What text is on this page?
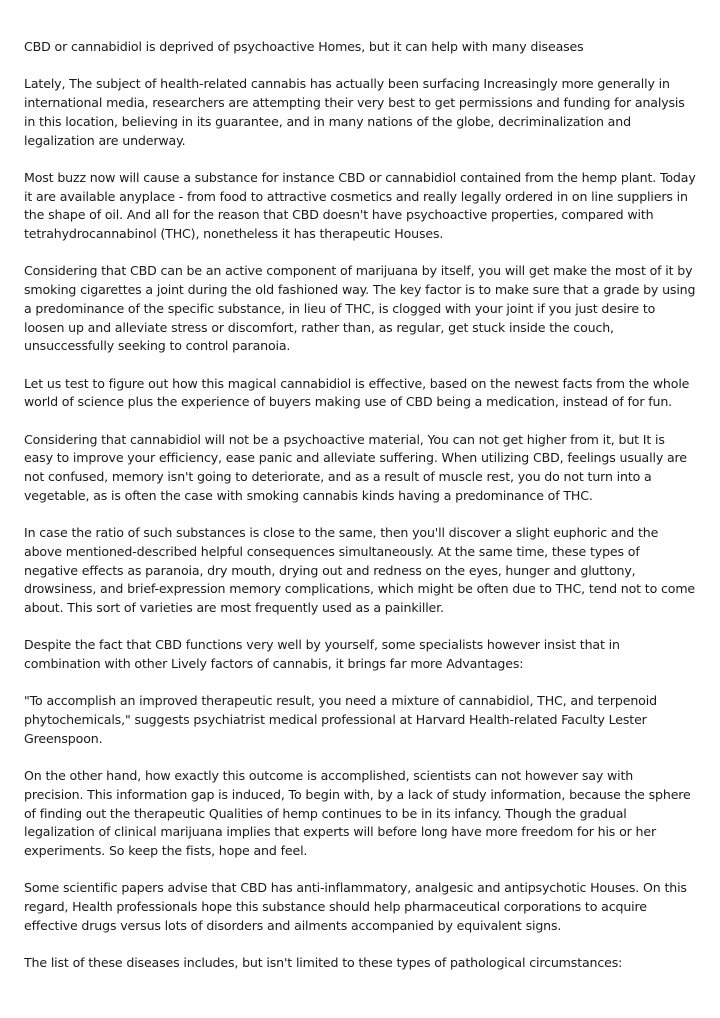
CBD or cannabidiol is deprived of psychoactive Homes, but it can help with many diseases

Lately, The subject of health-related cannabis has actually been surfacing Increasingly more generally in international media, researchers are attempting their very best to get permissions and funding for analysis in this location, believing in its guarantee, and in many nations of the globe, decriminalization and legalization are underway.

Most buzz now will cause a substance for instance CBD or cannabidiol contained from the hemp plant. Today it are available anyplace - from food to attractive cosmetics and really legally ordered in on line suppliers in the shape of oil. And all for the reason that CBD doesn't have psychoactive properties, compared with tetrahydrocannabinol (THC), nonetheless it has therapeutic Houses.

Considering that CBD can be an active component of marijuana by itself, you will get make the most of it by smoking cigarettes a joint during the old fashioned way. The key factor is to make sure that a grade by using a predominance of the specific substance, in lieu of THC, is clogged with your joint if you just desire to loosen up and alleviate stress or discomfort, rather than, as regular, get stuck inside the couch, unsuccessfully seeking to control paranoia.

Let us test to figure out how this magical cannabidiol is effective, based on the newest facts from the whole world of science plus the experience of buyers making use of CBD being a medication, instead of for fun.

Considering that cannabidiol will not be a psychoactive material, You can not get higher from it, but It is easy to improve your efficiency, ease panic and alleviate suffering. When utilizing CBD, feelings usually are not confused, memory isn't going to deteriorate, and as a result of muscle rest, you do not turn into a vegetable, as is often the case with smoking cannabis kinds having a predominance of THC.

In case the ratio of such substances is close to the same, then you'll discover a slight euphoric and the above mentioned-described helpful consequences simultaneously. At the same time, these types of negative effects as paranoia, dry mouth, drying out and redness on the eyes, hunger and gluttony, drowsiness, and brief-expression memory complications, which might be often due to THC, tend not to come about. This sort of varieties are most frequently used as a painkiller.

Despite the fact that CBD functions very well by yourself, some specialists however insist that in combination with other Lively factors of cannabis, it brings far more Advantages:

"To accomplish an improved therapeutic result, you need a mixture of cannabidiol, THC, and terpenoid phytochemicals," suggests psychiatrist medical professional at Harvard Health-related Faculty Lester Greenspoon.

On the other hand, how exactly this outcome is accomplished, scientists can not however say with precision. This information gap is induced, To begin with, by a lack of study information, because the sphere of finding out the therapeutic Qualities of hemp continues to be in its infancy. Though the gradual legalization of clinical marijuana implies that experts will before long have more freedom for his or her experiments. So keep the fists, hope and feel.

Some scientific papers advise that CBD has anti-inflammatory, analgesic and antipsychotic Houses. On this regard, Health professionals hope this substance should help pharmaceutical corporations to acquire effective drugs versus lots of disorders and ailments accompanied by equivalent signs.

The list of these diseases includes, but isn't limited to these types of pathological circumstances:
